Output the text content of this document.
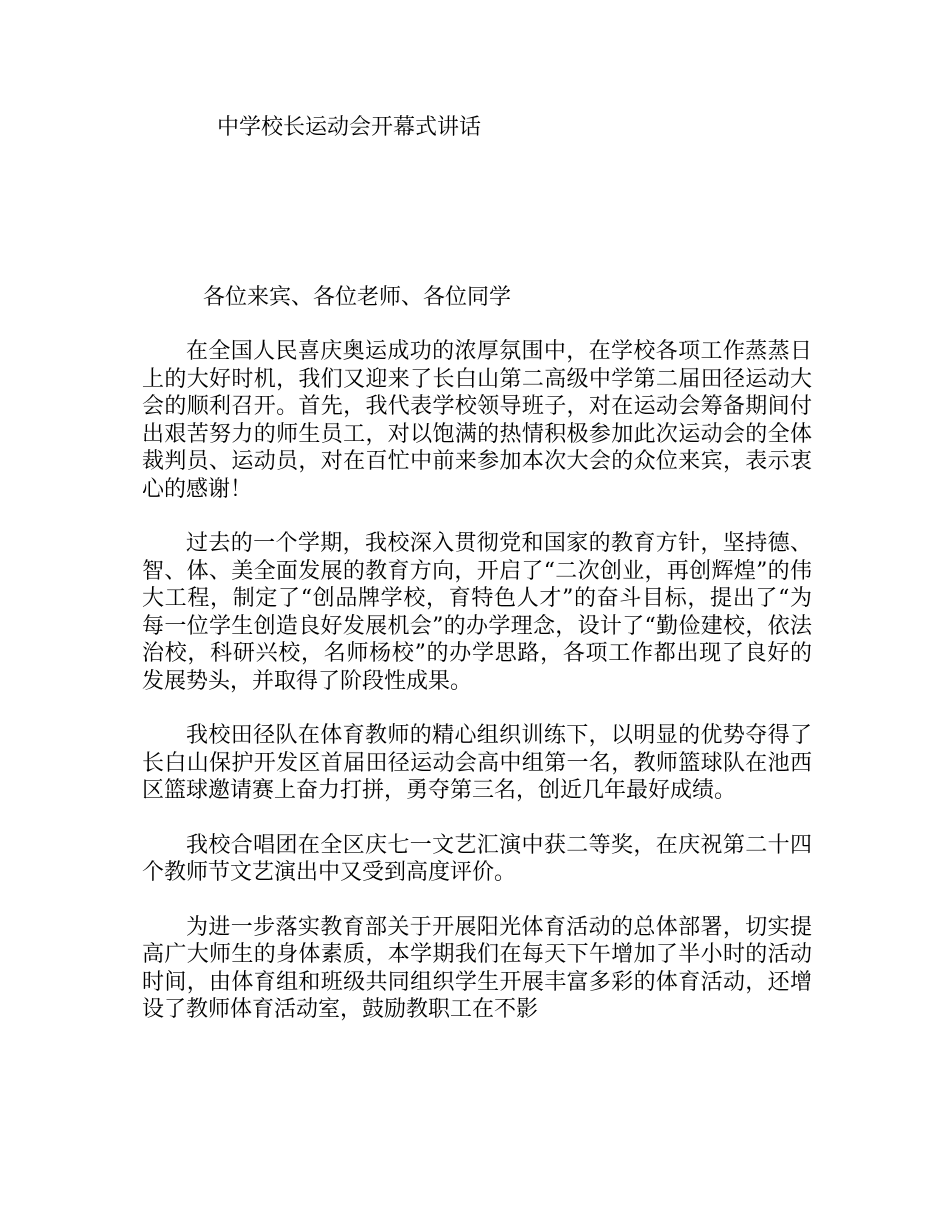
中学校长运动会开幕式讲话
各位来宾、各位老师、各位同学

在全国人民喜庆奥运成功的浓厚氛围中，在学校各项工作蒸蒸日上的大好时机，我们又迎来了长白山第二高级中学第二届田径运动大会的顺利召开。首先，我代表学校领导班子，对在运动会筹备期间付出艰苦努力的师生员工，对以饱满的热情积极参加此次运动会的全体裁判员、运动员，对在百忙中前来参加本次大会的众位来宾，表示衷心的感谢！

过去的一个学期，我校深入贯彻党和国家的教育方针，坚持德、智、体、美全面发展的教育方向，开启了“二次创业，再创辉煌”的伟大工程，制定了“创品牌学校，育特色人才”的奋斗目标，提出了“为每一位学生创造良好发展机会”的办学理念，设计了“勤俭建校，依法治校，科研兴校，名师杨校”的办学思路，各项工作都出现了良好的发展势头，并取得了阶段性成果。

我校田径队在体育教师的精心组织训练下，以明显的优势夺得了长白山保护开发区首届田径运动会高中组第一名，教师篮球队在池西区篮球邀请赛上奋力打拼，勇夺第三名，创近几年最好成绩。

我校合唱团在全区庆七一文艺汇演中获二等奖，在庆祝第二十四个教师节文艺演出中又受到高度评价。

为进一步落实教育部关于开展阳光体育活动的总体部署，切实提高广大师生的身体素质，本学期我们在每天下午增加了半小时的活动时间，由体育组和班级共同组织学生开展丰富多彩的体育活动，还增设了教师体育活动室，鼓励教职工在不影
